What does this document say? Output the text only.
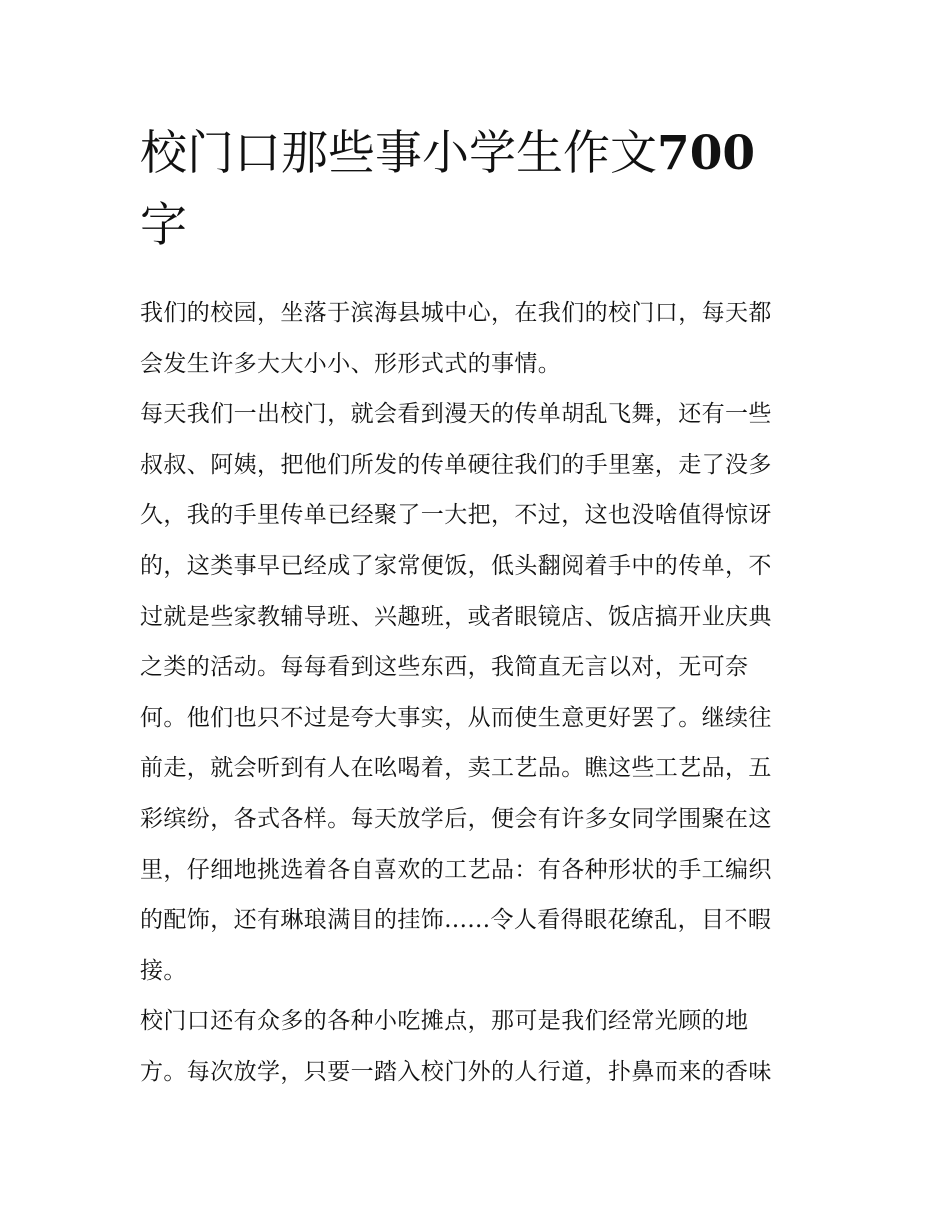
校门口那些事小学生作文700
字
我们的校园，坐落于滨海县城中心，在我们的校门口，每天都
会发生许多大大小小、形形式式的事情。
每天我们一出校门，就会看到漫天的传单胡乱飞舞，还有一些
叔叔、阿姨，把他们所发的传单硬往我们的手里塞，走了没多
久，我的手里传单已经聚了一大把，不过，这也没啥值得惊讶
的，这类事早已经成了家常便饭，低头翻阅着手中的传单，不
过就是些家教辅导班、兴趣班，或者眼镜店、饭店搞开业庆典
之类的活动。每每看到这些东西，我简直无言以对，无可奈
何。他们也只不过是夸大事实，从而使生意更好罢了。继续往
前走，就会听到有人在吆喝着，卖工艺品。瞧这些工艺品，五
彩缤纷，各式各样。每天放学后，便会有许多女同学围聚在这
里，仔细地挑选着各自喜欢的工艺品：有各种形状的手工编织
的配饰，还有琳琅满目的挂饰......令人看得眼花缭乱，目不暇
接。
校门口还有众多的各种小吃摊点，那可是我们经常光顾的地
方。每次放学，只要一踏入校门外的人行道，扑鼻而来的香味
